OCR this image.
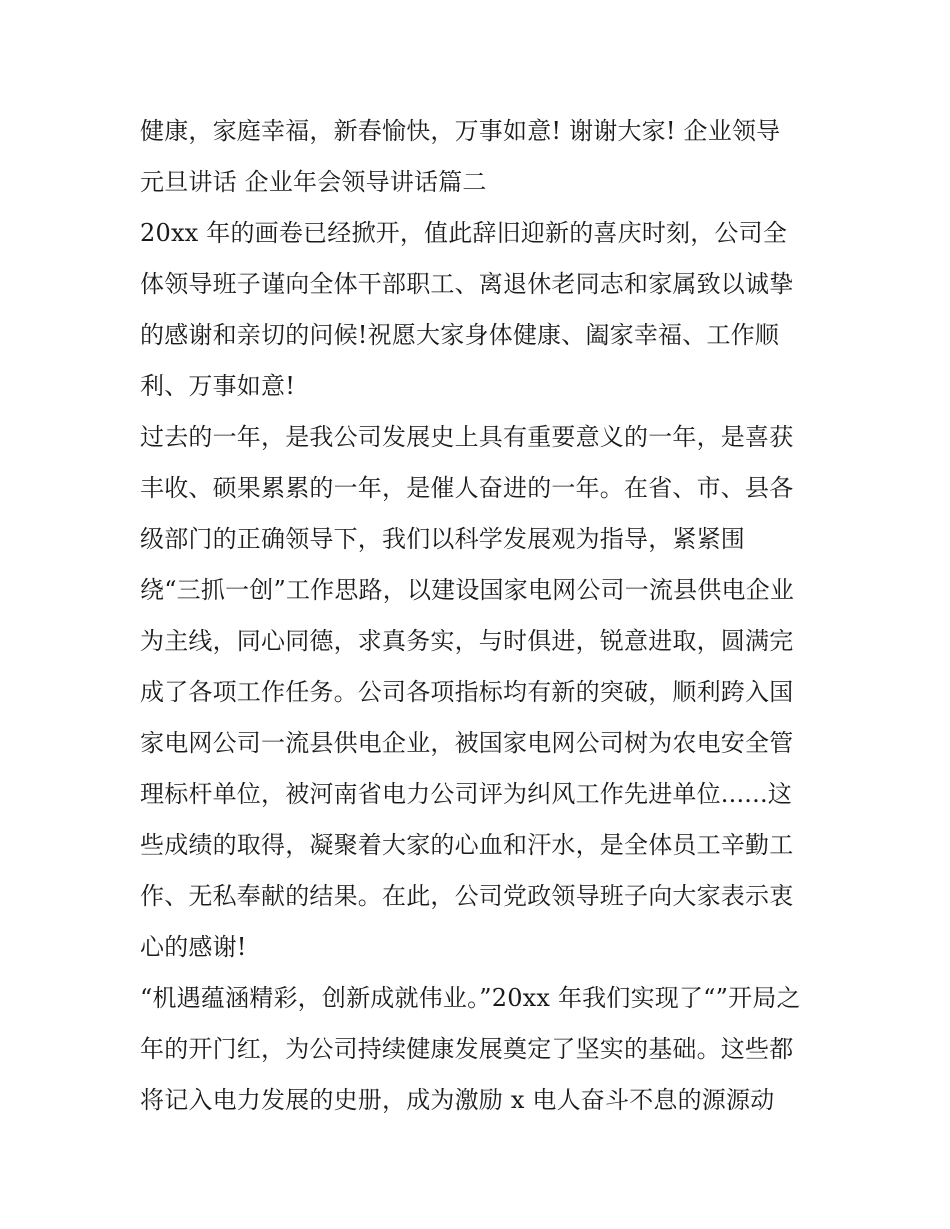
健康，家庭幸福，新春愉快，万事如意! 谢谢大家! 企业领导
元旦讲话 企业年会领导讲话篇二
20xx 年的画卷已经掀开，值此辞旧迎新的喜庆时刻，公司全
体领导班子谨向全体干部职工、离退休老同志和家属致以诚挚
的感谢和亲切的问候!祝愿大家身体健康、阖家幸福、工作顺
利、万事如意!
过去的一年，是我公司发展史上具有重要意义的一年，是喜获
丰收、硕果累累的一年，是催人奋进的一年。在省、市、县各
级部门的正确领导下，我们以科学发展观为指导，紧紧围
绕“三抓一创”工作思路，以建设国家电网公司一流县供电企业
为主线，同心同德，求真务实，与时俱进，锐意进取，圆满完
成了各项工作任务。公司各项指标均有新的突破，顺利跨入国
家电网公司一流县供电企业，被国家电网公司树为农电安全管
理标杆单位，被河南省电力公司评为纠风工作先进单位......这
些成绩的取得，凝聚着大家的心血和汗水，是全体员工辛勤工
作、无私奉献的结果。在此，公司党政领导班子向大家表示衷
心的感谢!
“机遇蕴涵精彩，创新成就伟业。”20xx 年我们实现了“”开局之
年的开门红，为公司持续健康发展奠定了坚实的基础。这些都
将记入电力发展的史册，成为激励 x 电人奋斗不息的源源动
